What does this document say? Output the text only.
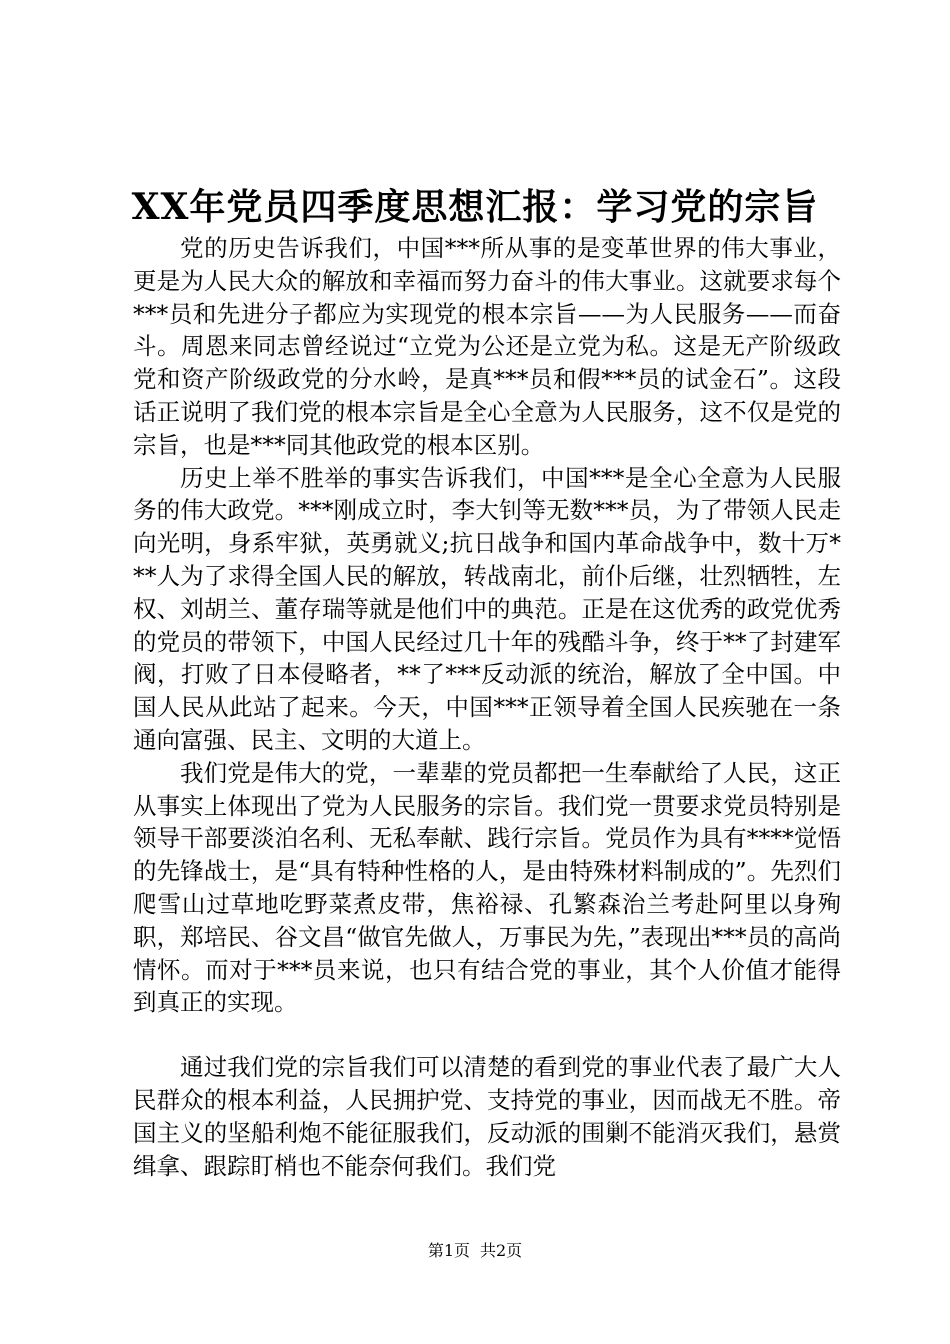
XX年党员四季度思想汇报：学习党的宗旨

党的历史告诉我们，中国***所从事的是变革世界的伟大事业，更是为人民大众的解放和幸福而努力奋斗的伟大事业。这就要求每个***员和先进分子都应为实现党的根本宗旨——为人民服务——而奋斗。周恩来同志曾经说过“立党为公还是立党为私。这是无产阶级政党和资产阶级政党的分水岭，是真***员和假***员的试金石”。这段话正说明了我们党的根本宗旨是全心全意为人民服务，这不仅是党的宗旨，也是***同其他政党的根本区别。

历史上举不胜举的事实告诉我们，中国***是全心全意为人民服务的伟大政党。***刚成立时，李大钊等无数***员，为了带领人民走向光明，身系牢狱，英勇就义;抗日战争和国内革命战争中，数十万***人为了求得全国人民的解放，转战南北，前仆后继，壮烈牺牲，左权、刘胡兰、董存瑞等就是他们中的典范。正是在这优秀的政党优秀的党员的带领下，中国人民经过几十年的残酷斗争，终于**了封建军阀，打败了日本侵略者，**了***反动派的统治，解放了全中国。中国人民从此站了起来。今天，中国***正领导着全国人民疾驰在一条通向富强、民主、文明的大道上。

我们党是伟大的党，一辈辈的党员都把一生奉献给了人民，这正从事实上体现出了党为人民服务的宗旨。我们党一贯要求党员特别是领导干部要淡泊名利、无私奉献、践行宗旨。党员作为具有****觉悟的先锋战士，是“具有特种性格的人，是由特殊材料制成的”。先烈们爬雪山过草地吃野菜煮皮带，焦裕禄、孔繁森治兰考赴阿里以身殉职，郑培民、谷文昌“做官先做人，万事民为先，”表现出***员的高尚情怀。而对于***员来说，也只有结合党的事业，其个人价值才能得到真正的实现。

通过我们党的宗旨我们可以清楚的看到党的事业代表了最广大人民群众的根本利益，人民拥护党、支持党的事业，因而战无不胜。帝国主义的坚船利炮不能征服我们，反动派的围剿不能消灭我们，悬赏缉拿、跟踪盯梢也不能奈何我们。我们党

第1页 共2页
